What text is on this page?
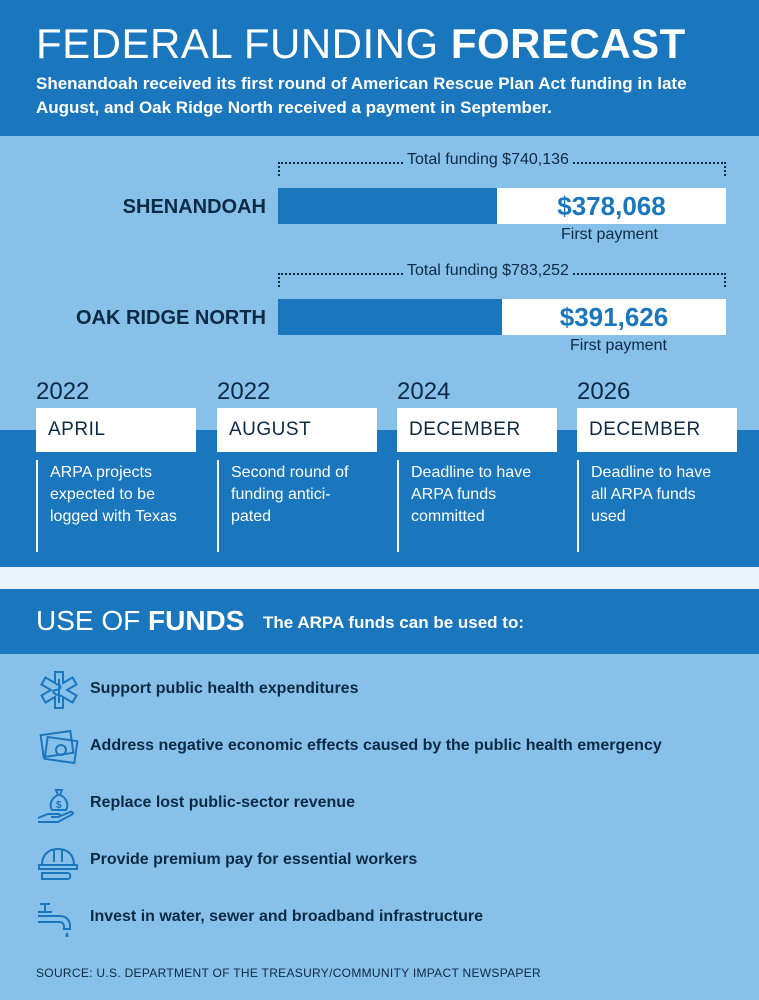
FEDERAL FUNDING FORECAST
Shenandoah received its first round of American Rescue Plan Act funding in late August, and Oak Ridge North received a payment in September.
Total funding $740,136
SHENANDOAH	$378,068
First payment
Total funding $783,252
OAK RIDGE NORTH	$391,626
First payment
2022
APRIL
ARPA projects expected to be logged with Texas
2022
AUGUST
Second round of funding antici-pated
2024
DECEMBER
Deadline to have ARPA funds committed
2026
DECEMBER
Deadline to have all ARPA funds used
USE OF FUNDS The ARPA funds can be used to:
Support public health expenditures
Address negative economic effects caused by the public health emergency
$ Replace lost public-sector revenue
Provide premium pay for essential workers
Invest in water, sewer and broadband infrastructure
SOURCE: U.S. DEPARTMENT OF THE TREASURY/COMMUNITY IMPACT NEWSPAPER
